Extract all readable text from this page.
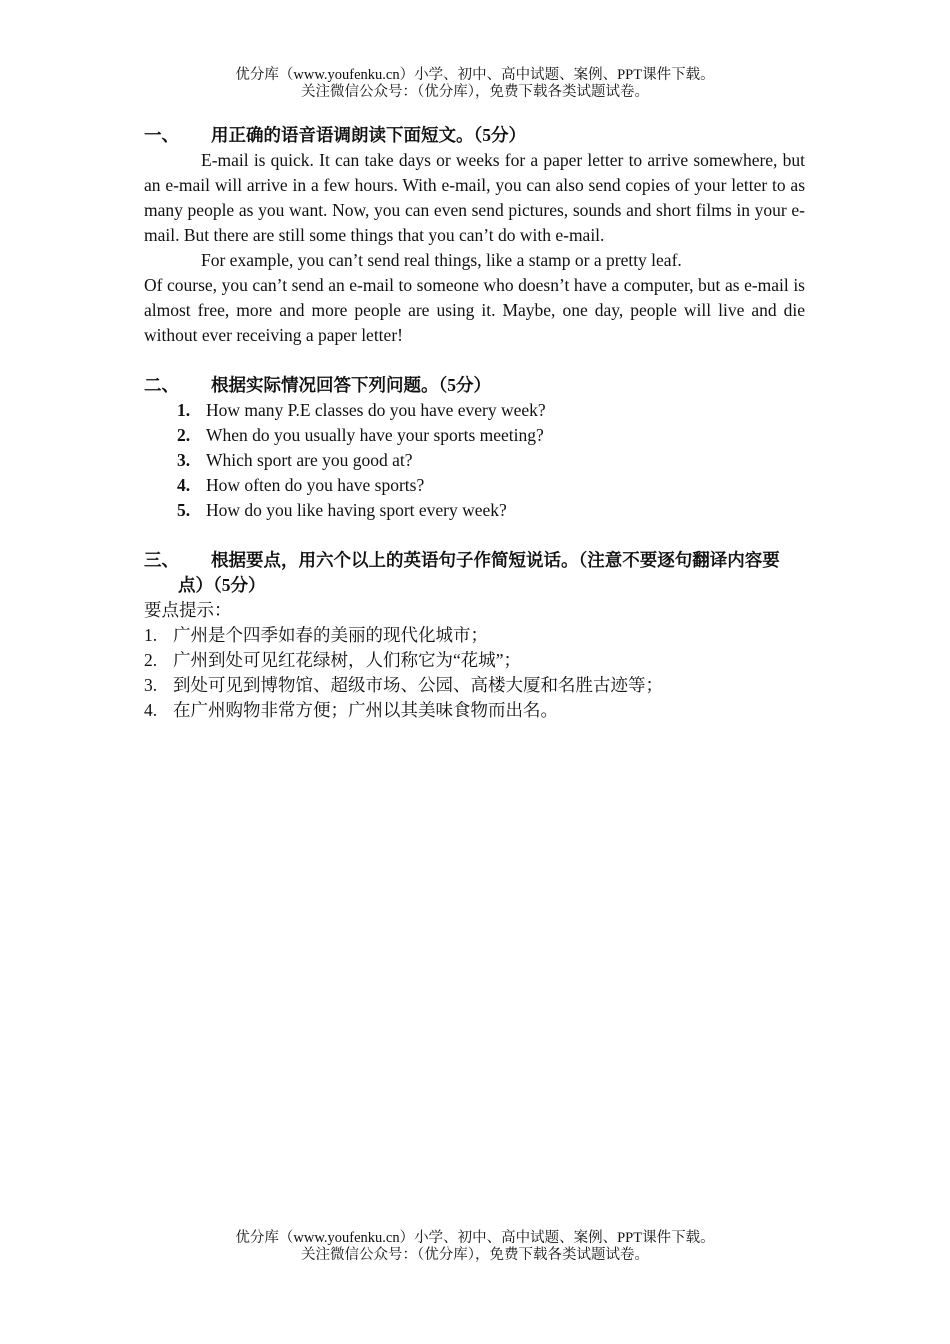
优分库（www.youfenku.cn）小学、初中、高中试题、案例、PPT课件下载。
关注微信公众号：（优分库），免费下载各类试题试卷。
一、	用正确的语音语调朗读下面短文。（5分）
E-mail is quick. It can take days or weeks for a paper letter to arrive somewhere, but an e-mail will arrive in a few hours. With e-mail, you can also send copies of your letter to as many people as you want. Now, you can even send pictures, sounds and short films in your e-mail. But there are still some things that you can’t do with e-mail.
For example, you can’t send real things, like a stamp or a pretty leaf.
Of course, you can’t send an e-mail to someone who doesn’t have a computer, but as e-mail is almost free, more and more people are using it. Maybe, one day, people will live and die without ever receiving a paper letter!
二、	根据实际情况回答下列问题。（5分）
1. How many P.E classes do you have every week?
2. When do you usually have your sports meeting?
3. Which sport are you good at?
4. How often do you have sports?
5. How do you like having sport every week?
三、 根据要点，用六个以上的英语句子作简短说话。（注意不要逐句翻译内容要点）（5分）
要点提示：
1. 广州是个四季如春的美丽的现代化城市；
2. 广州到处可见红花绿树，人们称它为“花城”；
3. 到处可见到博物馆、超级市场、公园、高楼大厦和名胜古迹等；
4. 在广州购物非常方便；广州以其美味食物而出名。
优分库（www.youfenku.cn）小学、初中、高中试题、案例、PPT课件下载。
关注微信公众号：（优分库），免费下载各类试题试卷。
